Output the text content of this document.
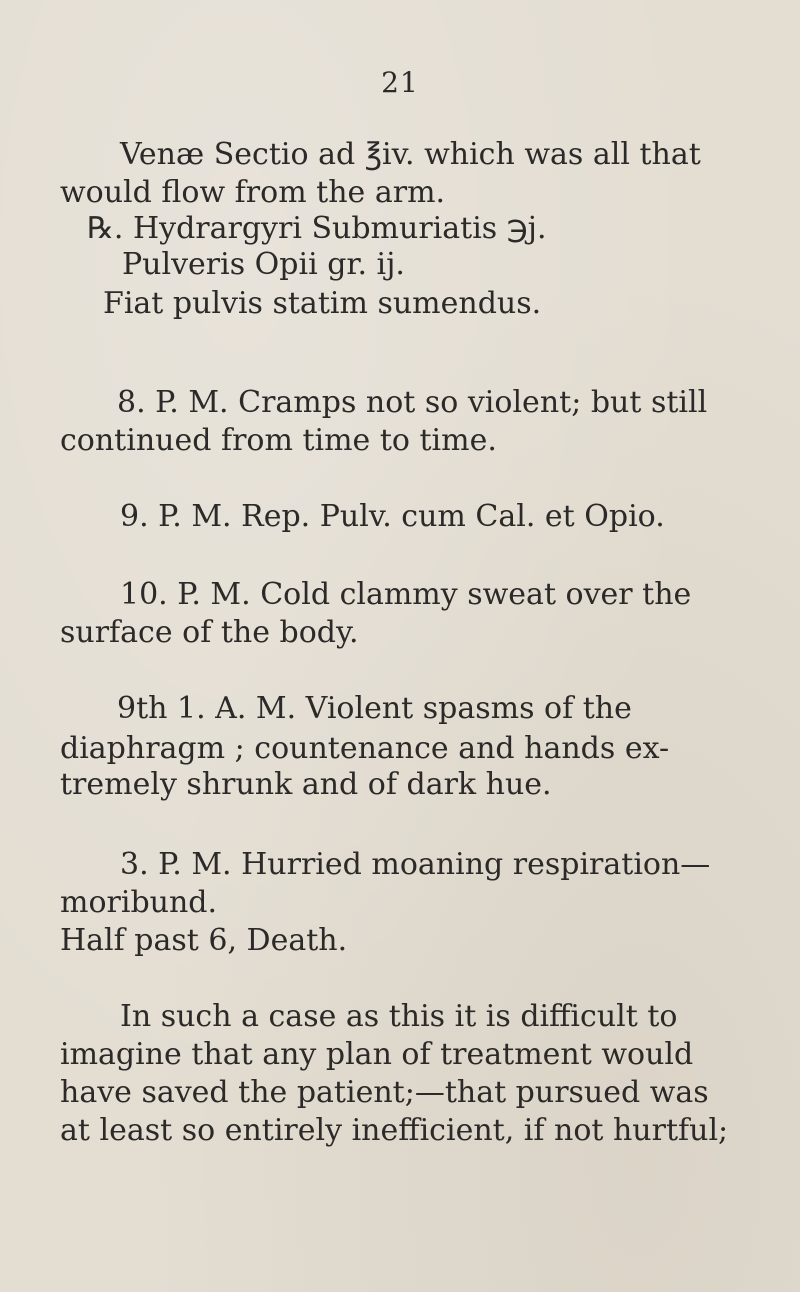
21
Venæ Sectio ad ℥iv. which was all that
would flow from the arm.
℞. Hydrargyri Submuriatis ℈j.
Pulveris Opii gr. ij.
Fiat pulvis statim sumendus.
8. P. M. Cramps not so violent; but still
continued from time to time.
9. P. M. Rep. Pulv. cum Cal. et Opio.
10. P. M. Cold clammy sweat over the
surface of the body.
9th 1. A. M. Violent spasms of the
diaphragm ; countenance and hands ex-
tremely shrunk and of dark hue.
3. P. M. Hurried moaning respiration—
moribund.
Half past 6, Death.
In such a case as this it is difficult to
imagine that any plan of treatment would
have saved the patient;—that pursued was
at least so entirely inefficient, if not hurtful;
